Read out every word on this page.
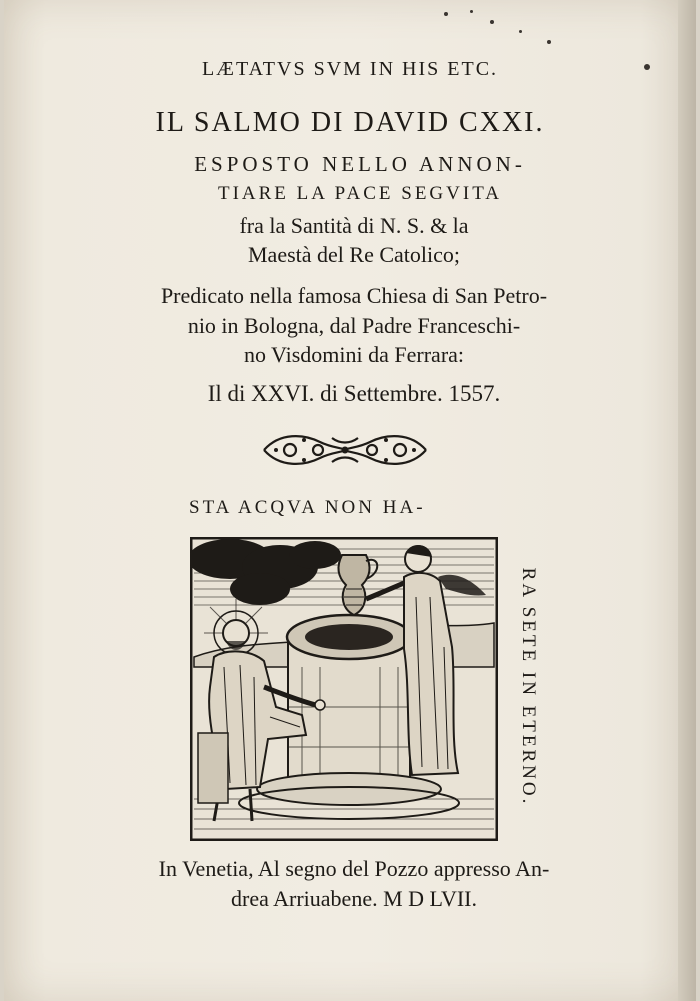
LÆTATVS SVM IN HIS ETC.
IL SALMO DI DAVID CXXI.
ESPOSTO NELLO ANNON-
TIARE LA PACE SEGVITA
fra la Santità di N. S. & la
Maestà del Re Catolico;
Predicato nella famosa Chiesa di San Petro-
nio in Bologna, dal Padre Franceschi-
no Visdomini da Ferrara:
Il di XXVI. di Settembre. 1557.
STA ACQVA NON HA-
RA SETE IN ETERNO.
In Venetia, Al segno del Pozzo appresso An-
drea Arriuabene. M D LVII.
